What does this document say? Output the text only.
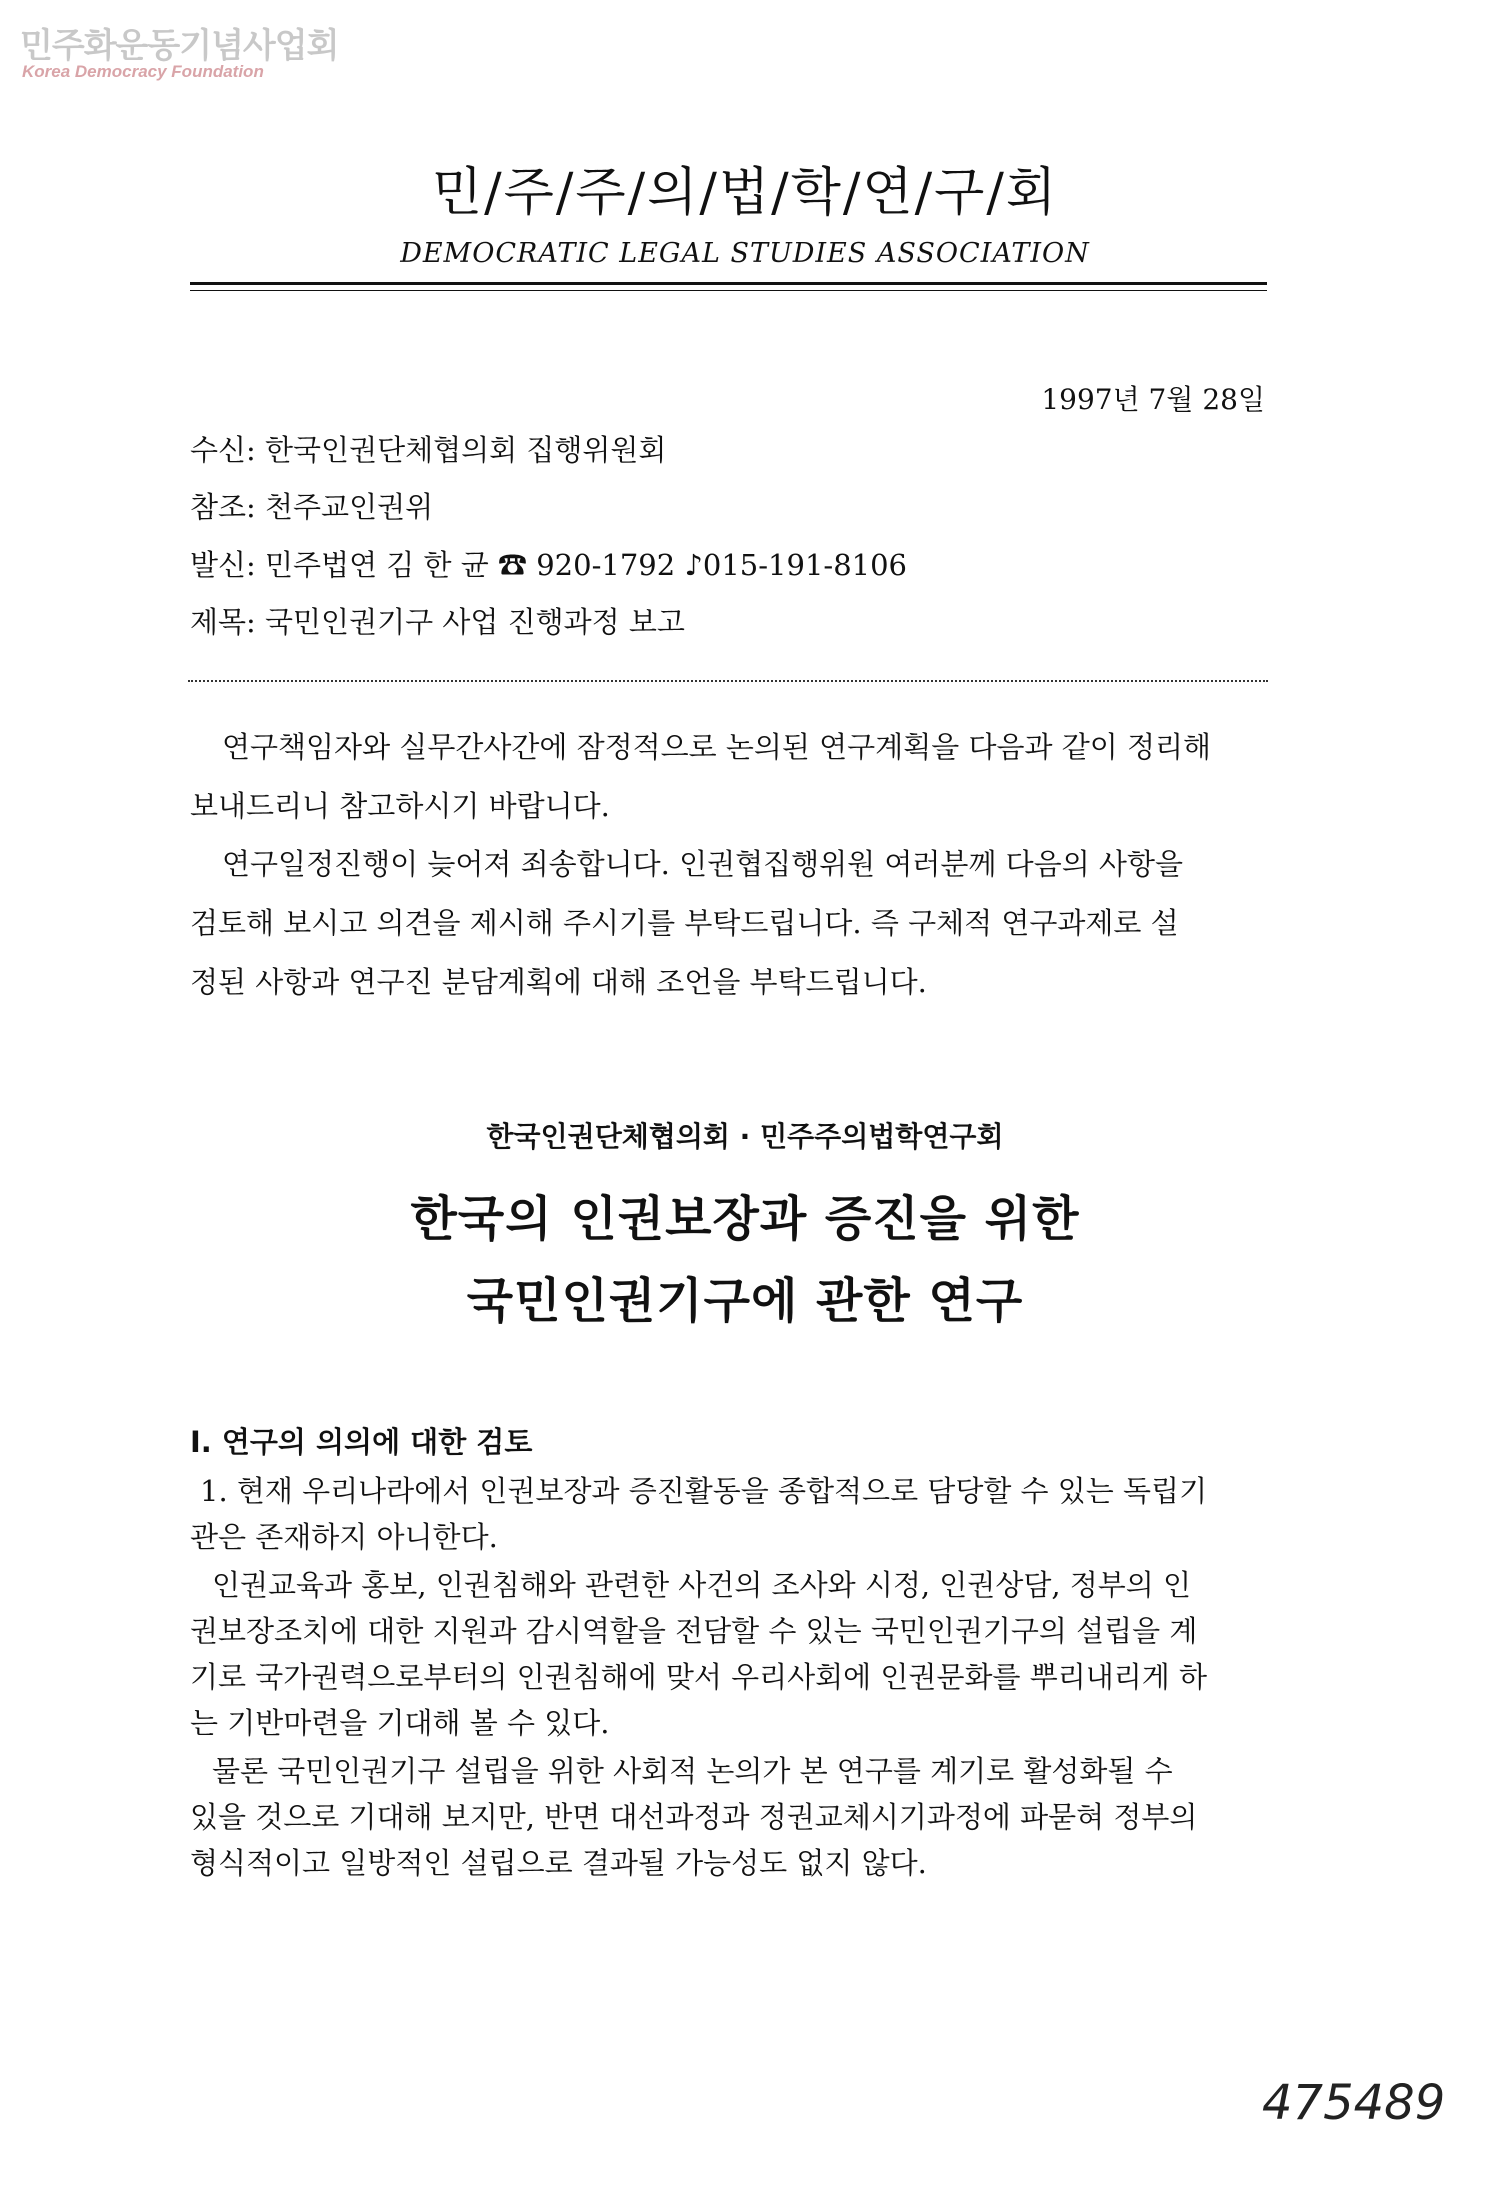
민주화운동기념사업회
Korea Democracy Foundation
민/주/주/의/법/학/연/구/회
DEMOCRATIC LEGAL STUDIES ASSOCIATION
1997년 7월 28일
수신: 한국인권단체협의회 집행위원회
참조: 천주교인권위
발신: 민주법연 김 한 균 ☎ 920-1792 ♪015-191-8106
제목: 국민인권기구 사업 진행과정 보고
연구책임자와 실무간사간에 잠정적으로 논의된 연구계획을 다음과 같이 정리해
보내드리니 참고하시기 바랍니다.
연구일정진행이 늦어져 죄송합니다. 인권협집행위원 여러분께 다음의 사항을
검토해 보시고 의견을 제시해 주시기를 부탁드립니다. 즉 구체적 연구과제로 설
정된 사항과 연구진 분담계획에 대해 조언을 부탁드립니다.
한국인권단체협의회 · 민주주의법학연구회
한국의 인권보장과 증진을 위한
국민인권기구에 관한 연구
Ⅰ. 연구의 의의에 대한 검토
1. 현재 우리나라에서 인권보장과 증진활동을 종합적으로 담당할 수 있는 독립기
관은 존재하지 아니한다.
인권교육과 홍보, 인권침해와 관련한 사건의 조사와 시정, 인권상담, 정부의 인
권보장조치에 대한 지원과 감시역할을 전담할 수 있는 국민인권기구의 설립을 계
기로 국가권력으로부터의 인권침해에 맞서 우리사회에 인권문화를 뿌리내리게 하
는 기반마련을 기대해 볼 수 있다.
물론 국민인권기구 설립을 위한 사회적 논의가 본 연구를 계기로 활성화될 수
있을 것으로 기대해 보지만, 반면 대선과정과 정권교체시기과정에 파묻혀 정부의
형식적이고 일방적인 설립으로 결과될 가능성도 없지 않다.
475489
